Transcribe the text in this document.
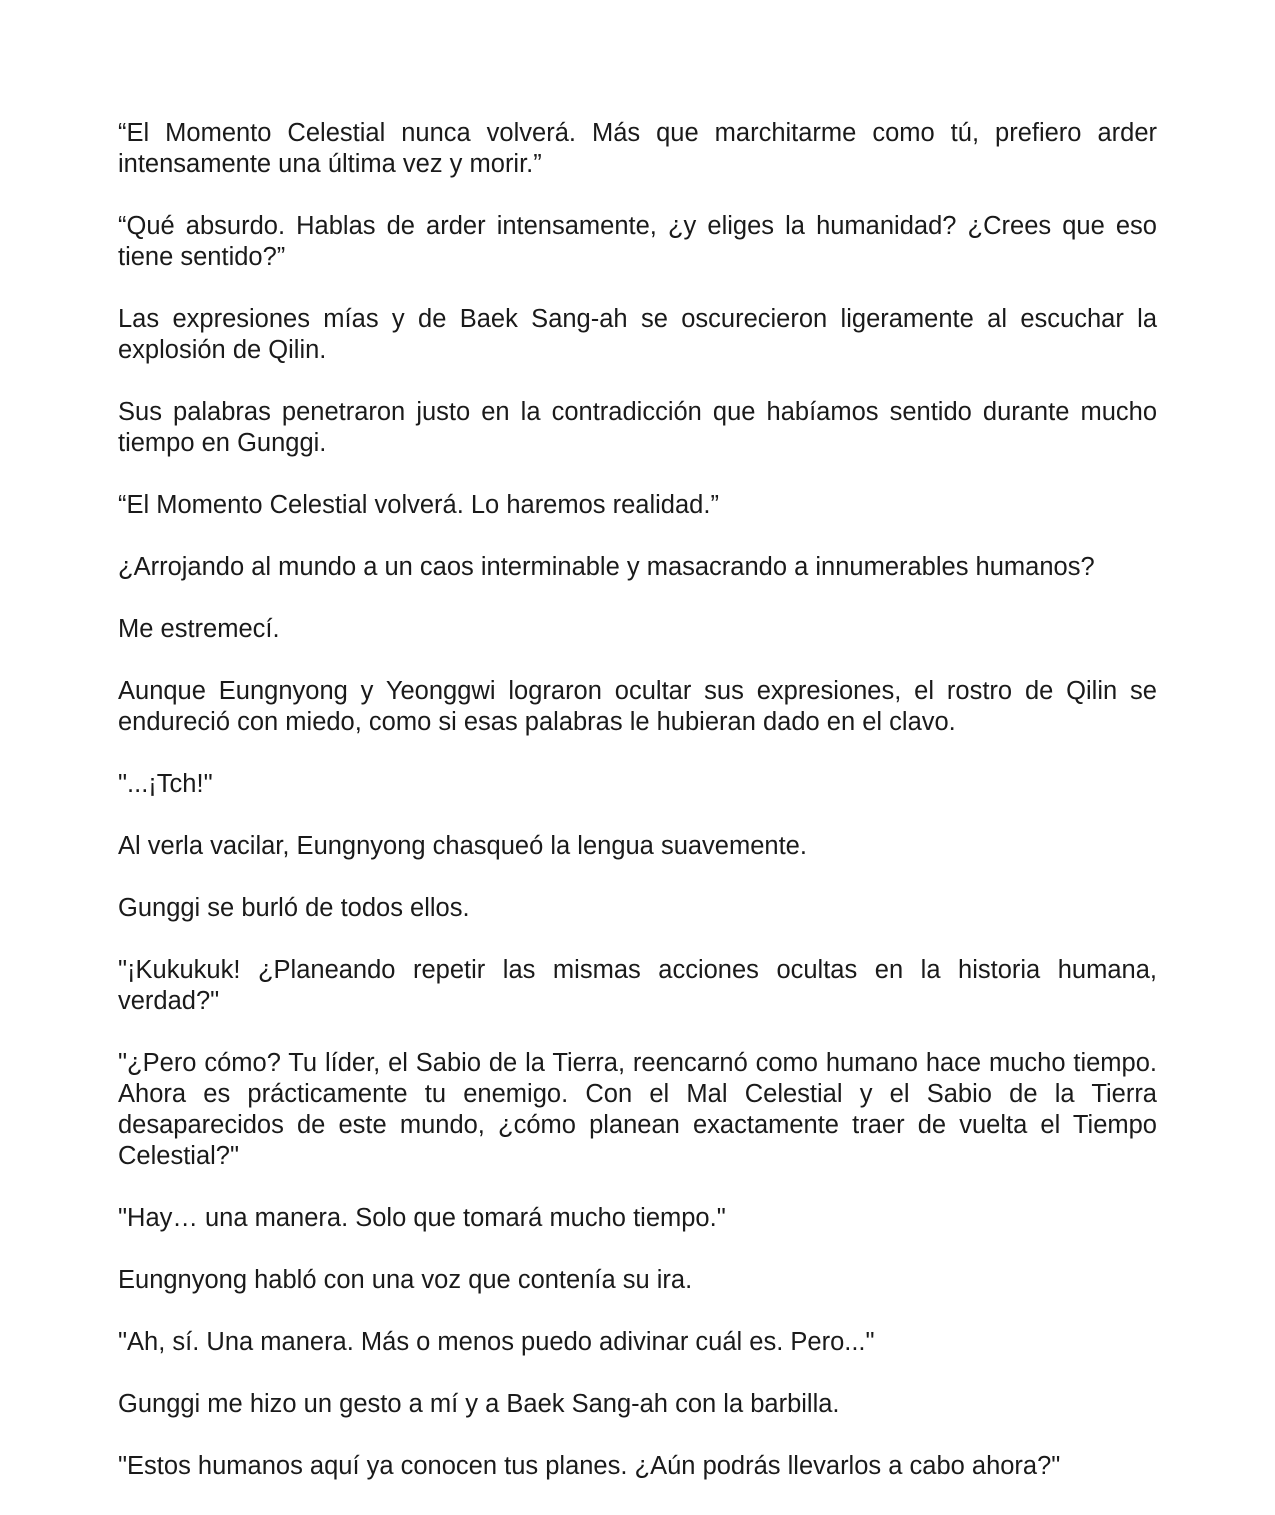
“El Momento Celestial nunca volverá. Más que marchitarme como tú, prefiero arder intensamente una última vez y morir.”

“Qué absurdo. Hablas de arder intensamente, ¿y eliges la humanidad? ¿Crees que eso tiene sentido?”

Las expresiones mías y de Baek Sang-ah se oscurecieron ligeramente al escuchar la explosión de Qilin.

Sus palabras penetraron justo en la contradicción que habíamos sentido durante mucho tiempo en Gunggi.

“El Momento Celestial volverá. Lo haremos realidad.”

¿Arrojando al mundo a un caos interminable y masacrando a innumerables humanos?

Me estremecí.

Aunque Eungnyong y Yeonggwi lograron ocultar sus expresiones, el rostro de Qilin se endureció con miedo, como si esas palabras le hubieran dado en el clavo.

"...¡Tch!"

Al verla vacilar, Eungnyong chasqueó la lengua suavemente.

Gunggi se burló de todos ellos.

"¡Kukukuk! ¿Planeando repetir las mismas acciones ocultas en la historia humana, verdad?"

"¿Pero cómo? Tu líder, el Sabio de la Tierra, reencarnó como humano hace mucho tiempo. Ahora es prácticamente tu enemigo. Con el Mal Celestial y el Sabio de la Tierra desaparecidos de este mundo, ¿cómo planean exactamente traer de vuelta el Tiempo Celestial?"

"Hay… una manera. Solo que tomará mucho tiempo."

Eungnyong habló con una voz que contenía su ira.

"Ah, sí. Una manera. Más o menos puedo adivinar cuál es. Pero..."

Gunggi me hizo un gesto a mí y a Baek Sang-ah con la barbilla.

"Estos humanos aquí ya conocen tus planes. ¿Aún podrás llevarlos a cabo ahora?"
